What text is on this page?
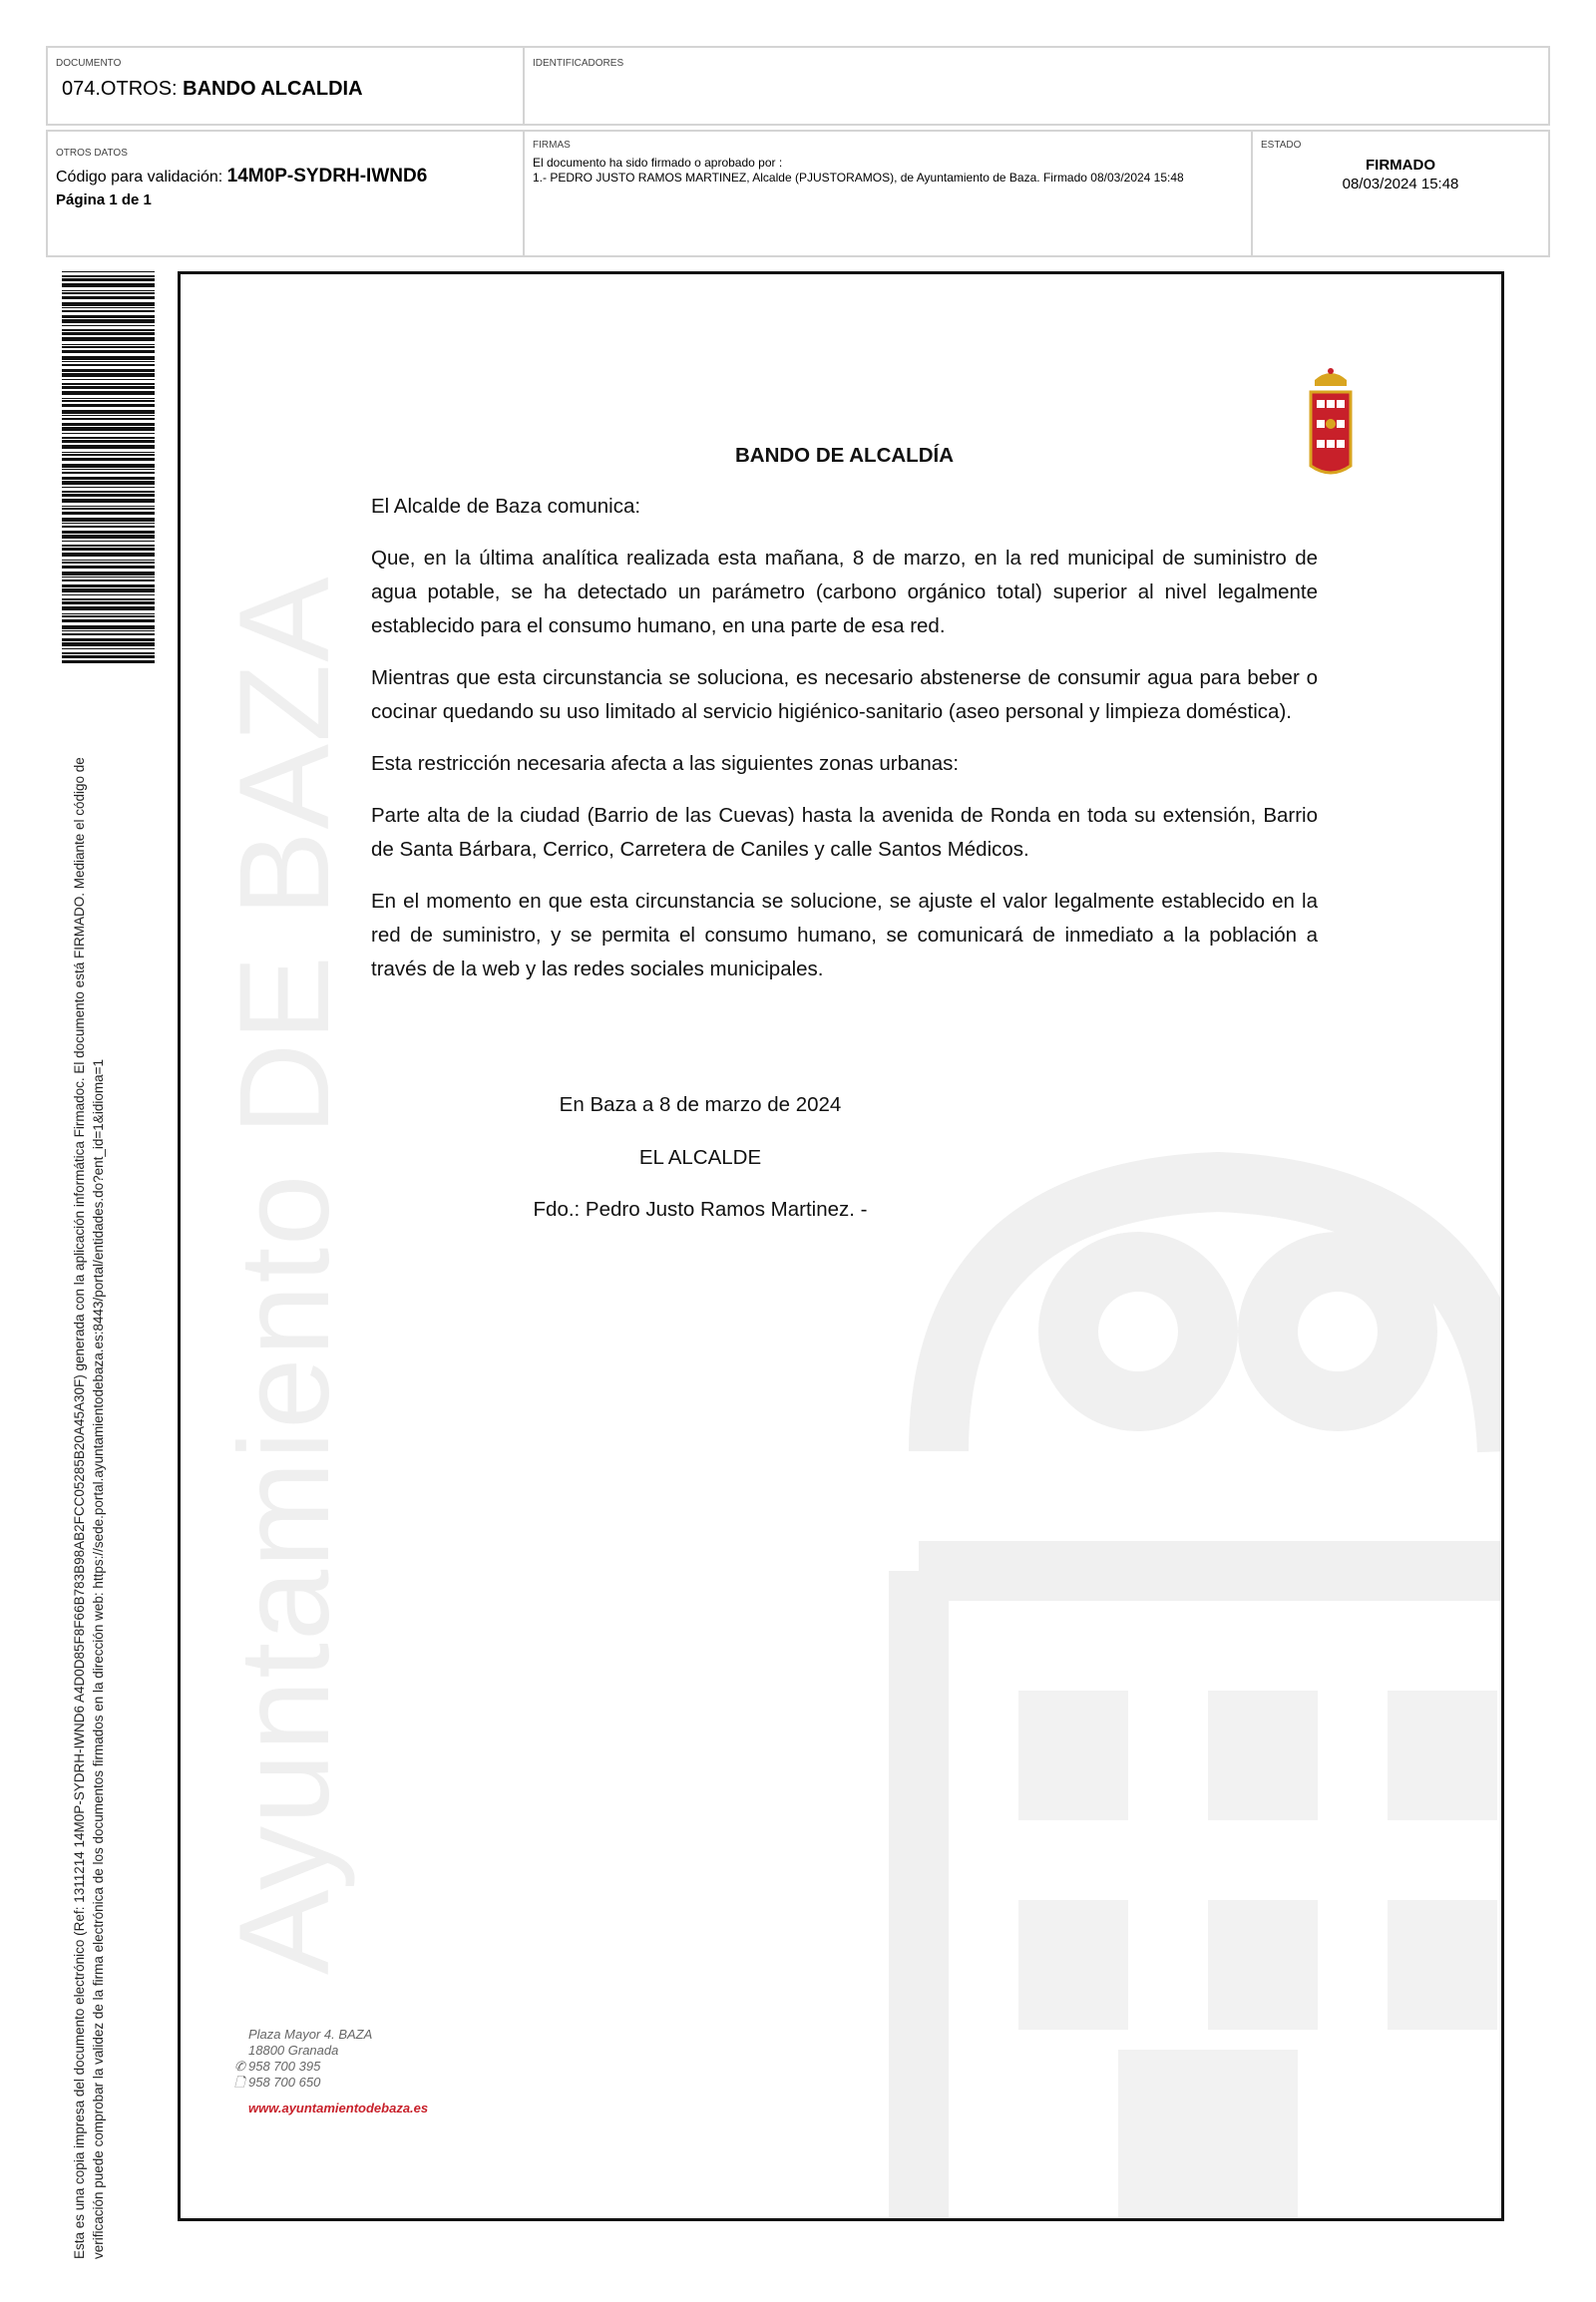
DOCUMENTO
074.OTROS: BANDO ALCALDIA
IDENTIFICADORES
OTROS DATOS
Código para validación: 14M0P-SYDRH-IWND6
Página 1 de 1
FIRMAS
El documento ha sido firmado o aprobado por :
1.- PEDRO JUSTO RAMOS MARTINEZ, Alcalde (PJUSTORAMOS), de Ayuntamiento de Baza. Firmado 08/03/2024 15:48
ESTADO
FIRMADO
08/03/2024 15:48
Esta es una copia impresa del documento electrónico (Ref: 1311214 14M0P-SYDRH-IWND6 A4D0D85F8F66B783B98AB2FCC05285B20A45A30F) generada con la aplicación informática Firmadoc. El documento está FIRMADO. Mediante el código de verificación puede comprobar la validez de la firma electrónica de los documentos firmados en la dirección web: https://sede.portal.ayuntamientodebaza.es:8443/portal/entidades.do?ent_id=1&idioma=1 Ayuntamiento DE BAZA
BANDO DE ALCALDÍA
El Alcalde de Baza comunica:

Que, en la última analítica realizada esta mañana, 8 de marzo, en la red municipal de suministro de agua potable, se ha detectado un parámetro (carbono orgánico total) superior al nivel legalmente establecido para el consumo humano, en una parte de esa red.

Mientras que esta circunstancia se soluciona, es necesario abstenerse de consumir agua para beber o cocinar quedando su uso limitado al servicio higiénico-sanitario (aseo personal y limpieza doméstica).

Esta restricción necesaria afecta a las siguientes zonas urbanas:

Parte alta de la ciudad (Barrio de las Cuevas) hasta la avenida de Ronda en toda su extensión, Barrio de Santa Bárbara, Cerrico, Carretera de Caniles y calle Santos Médicos.

En el momento en que esta circunstancia se solucione, se ajuste el valor legalmente establecido en la red de suministro, y se permita el consumo humano, se comunicará de inmediato a la población a través de la web y las redes sociales municipales.

En Baza a 8 de marzo de 2024
EL ALCALDE
Fdo.: Pedro Justo Ramos Martinez. -
Plaza Mayor 4. BAZA
18800 Granada
✆ 958 700 395
🗋 958 700 650
www.ayuntamientodebaza.es
